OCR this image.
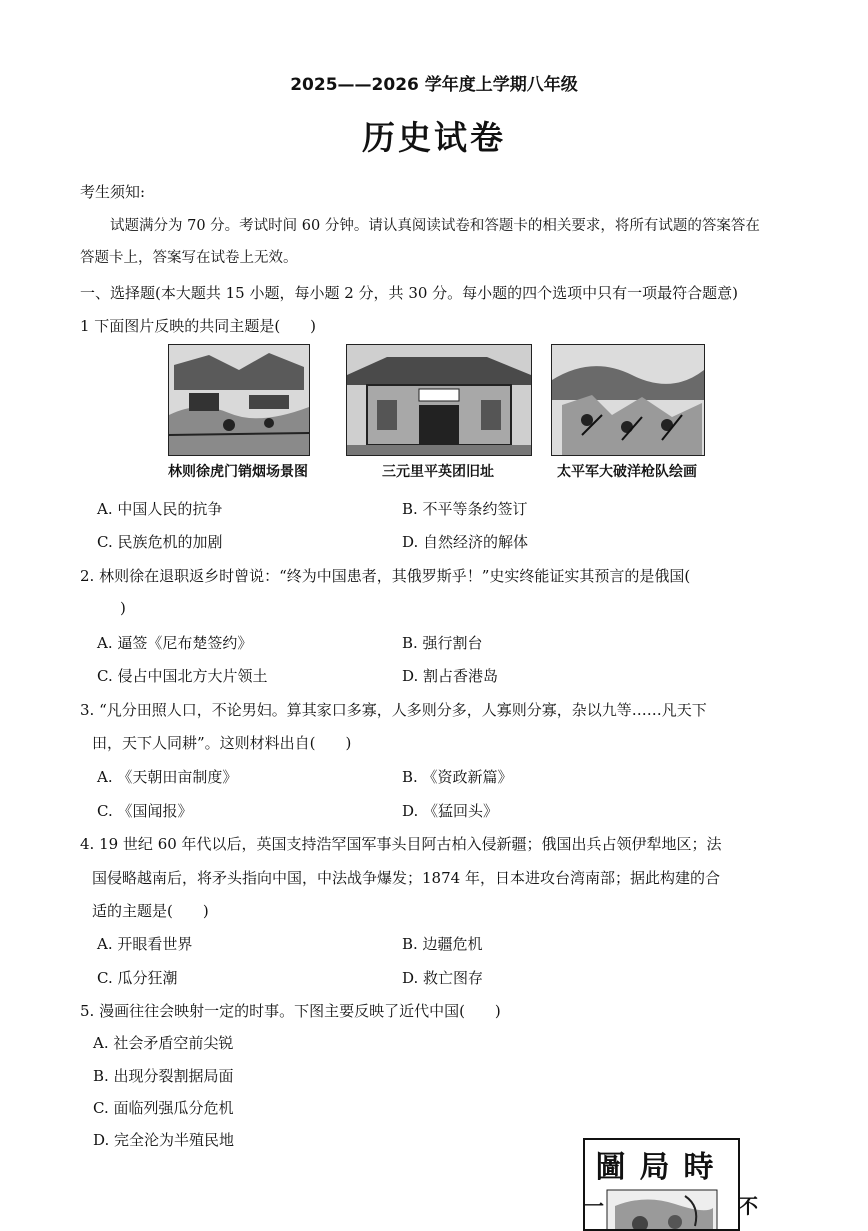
2025——2026 学年度上学期八年级
历史试卷
考生须知:
试题满分为 70 分。考试时间 60 分钟。请认真阅读试卷和答题卡的相关要求，将所有试题的答案答在
答题卡上，答案写在试卷上无效。
一、选择题(本大题共 15 小题，每小题 2 分，共 30 分。每小题的四个选项中只有一项最符合题意)
1 下面图片反映的共同主题是(　　)
林则徐虎门销烟场景图	三元里平英团旧址	太平军大破洋枪队绘画
A. 中国人民的抗争	B. 不平等条约签订
C. 民族危机的加剧	D. 自然经济的解体
2. 林则徐在退职返乡时曾说：“终为中国患者，其俄罗斯乎！”史实终能证实其预言的是俄国(
)
A. 逼签《尼布楚签约》	B. 强行割台
C. 侵占中国北方大片领土	D. 割占香港岛
3. “凡分田照人口，不论男妇。算其家口多寡，人多则分多，人寡则分寡，杂以九等……凡天下
田，天下人同耕”。这则材料出自(　　)
A. 《天朝田亩制度》	B. 《资政新篇》
C. 《国闻报》	D. 《猛回头》
4. 19 世纪 60 年代以后，英国支持浩罕国军事头目阿古柏入侵新疆；俄国出兵占领伊犁地区；法
国侵略越南后，将矛头指向中国，中法战争爆发；1874 年，日本进攻台湾南部；据此构建的合
适的主题是(　　)
A. 开眼看世界	B. 边疆危机
C. 瓜分狂潮	D. 救亡图存
5. 漫画往往会映射一定的时事。下图主要反映了近代中国(　　)
A. 社会矛盾空前尖锐
B. 出现分裂割据局面
C. 面临列强瓜分危机
D. 完全沦为半殖民地
圖局時
一	不
